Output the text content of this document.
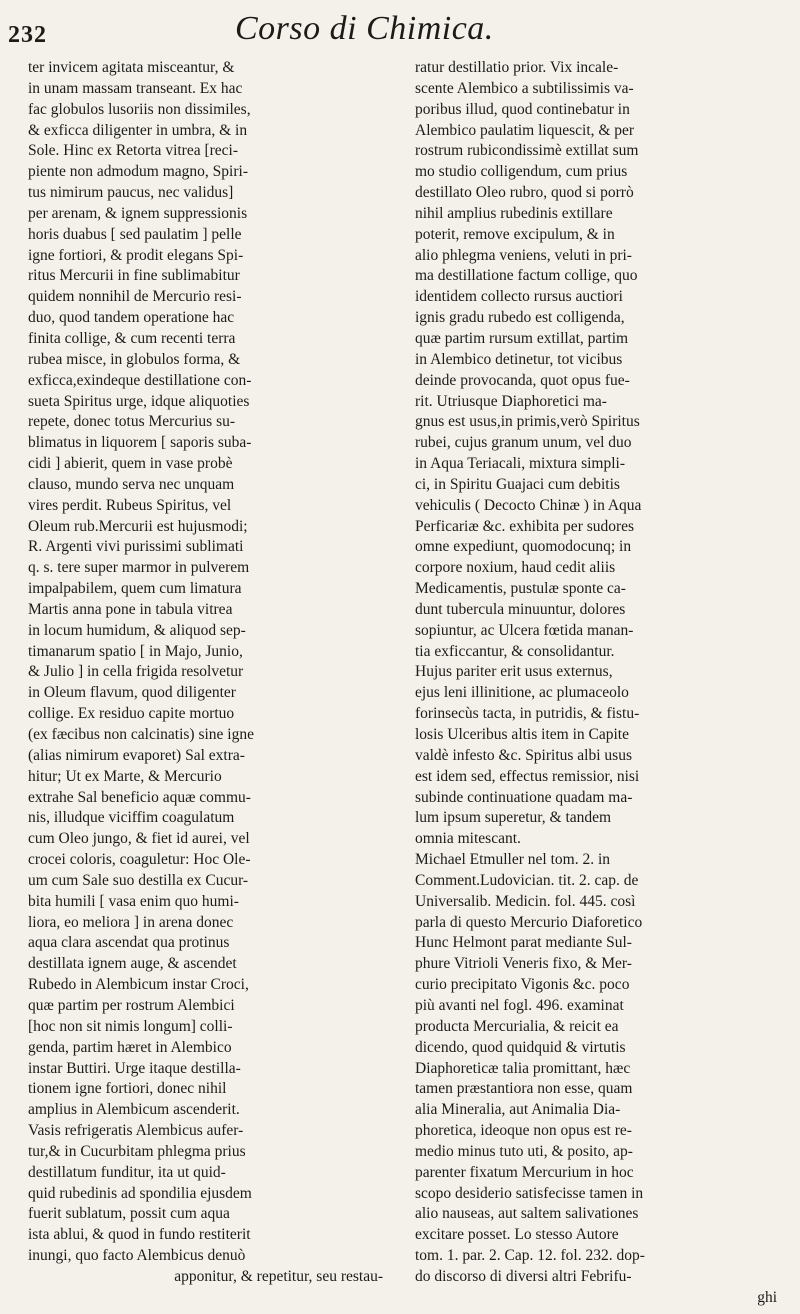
232	Corso di Chimica.
ter invicem agitata misceantur, &
in unam massam transeant. Ex hac
fac globulos lusoriis non dissimiles,
& exficca diligenter in umbra, & in
Sole. Hinc ex Retorta vitrea [reci-
piente non admodum magno, Spiri-
tus nimirum paucus, nec validus]
per arenam, & ignem suppressionis
horis duabus [ sed paulatim ] pelle
igne fortiori, & prodit elegans Spi-
ritus Mercurii in fine sublimabitur
quidem nonnihil de Mercurio resi-
duo, quod tandem operatione hac
finita collige, & cum recenti terra
rubea misce, in globulos forma, &
exficca,exindeque destillatione con-
sueta Spiritus urge, idque aliquoties
repete, donec totus Mercurius su-
blimatus in liquorem [ saporis suba-
cidi ] abierit, quem in vase probè
clauso, mundo serva nec unquam
vires perdit. Rubeus Spiritus, vel
Oleum rub.Mercurii est hujusmodi;
R. Argenti vivi purissimi sublimati
q. s. tere super marmor in pulverem
impalpabilem, quem cum limatura
Martis anna pone in tabula vitrea
in locum humidum, & aliquod sep-
timanarum spatio [ in Majo, Junio,
& Julio ] in cella frigida resolvetur
in Oleum flavum, quod diligenter
collige. Ex residuo capite mortuo
(ex fæcibus non calcinatis) sine igne
(alias nimirum evaporet) Sal extra-
hitur; Ut ex Marte, & Mercurio
extrahe Sal beneficio aquæ commu-
nis, illudque viciffim coagulatum
cum Oleo jungo, & fiet id aurei, vel
crocei coloris, coaguletur: Hoc Ole-
um cum Sale suo destilla ex Cucur-
bita humili [ vasa enim quo humi-
liora, eo meliora ] in arena donec
aqua clara ascendat qua protinus
destillata ignem auge, & ascendet
Rubedo in Alembicum instar Croci,
quæ partim per rostrum Alembici
[hoc non sit nimis longum] colli-
genda, partim hæret in Alembico
instar Buttiri. Urge itaque destilla-
tionem igne fortiori, donec nihil
amplius in Alembicum ascenderit.
Vasis refrigeratis Alembicus aufer-
tur,& in Cucurbitam phlegma prius
destillatum funditur, ita ut quid-
quid rubedinis ad spondilia ejusdem
fuerit sublatum, possit cum aqua
ista ablui, & quod in fundo restiterit
inungi, quo facto Alembicus denuò
apponitur, & repetitur, seu restau-
ratur destillatio prior. Vix incale-
scente Alembico a subtilissimis va-
poribus illud, quod continebatur in
Alembico paulatim liquescit, & per
rostrum rubicondissimè extillat sum
mo studio colligendum, cum prius
destillato Oleo rubro, quod si porrò
nihil amplius rubedinis extillare
poterit, remove excipulum, & in
alio phlegma veniens, veluti in pri-
ma destillatione factum collige, quo
identidem collecto rursus auctiori
ignis gradu rubedo est colligenda,
quæ partim rursum extillat, partim
in Alembico detinetur, tot vicibus
deinde provocanda, quot opus fue-
rit. Utriusque Diaphoretici ma-
gnus est usus,in primis,verò Spiritus
rubei, cujus granum unum, vel duo
in Aqua Teriacali, mixtura simpli-
ci, in Spiritu Guajaci cum debitis
vehiculis ( Decocto Chinæ ) in Aqua
Perficariæ &c. exhibita per sudores
omne expediunt, quomodocunq; in
corpore noxium, haud cedit aliis
Medicamentis, pustulæ sponte ca-
dunt tubercula minuuntur, dolores
sopiuntur, ac Ulcera fœtida manan-
tia exficcantur, & consolidantur.
Hujus pariter erit usus externus,
ejus leni illinitione, ac plumaceolo
forinsecùs tacta, in putridis, & fistu-
losis Ulceribus altis item in Capite
valdè infesto &c. Spiritus albi usus
est idem sed, effectus remissior, nisi
subinde continuatione quadam ma-
lum ipsum superetur, & tandem
omnia mitescant.
Michael Etmuller nel tom. 2. in
Comment.Ludovician. tit. 2. cap. de
Universalib. Medicin. fol. 445. così
parla di questo Mercurio Diaforetico
Hunc Helmont parat mediante Sul-
phure Vitrioli Veneris fixo, & Mer-
curio precipitato Vigonis &c. poco
più avanti nel fogl. 496. examinat
producta Mercurialia, & reicit ea
dicendo, quod quidquid & virtutis
Diaphoreticæ talia promittant, hæc
tamen præstantiora non esse, quam
alia Mineralia, aut Animalia Dia-
phoretica, ideoque non opus est re-
medio minus tuto uti, & posito, ap-
parenter fixatum Mercurium in hoc
scopo desiderio satisfecisse tamen in
alio nauseas, aut saltem salivationes
excitare posset. Lo stesso Autore
tom. 1. par. 2. Cap. 12. fol. 232. dop-
do discorso di diversi altri Febrifu-
ghi
